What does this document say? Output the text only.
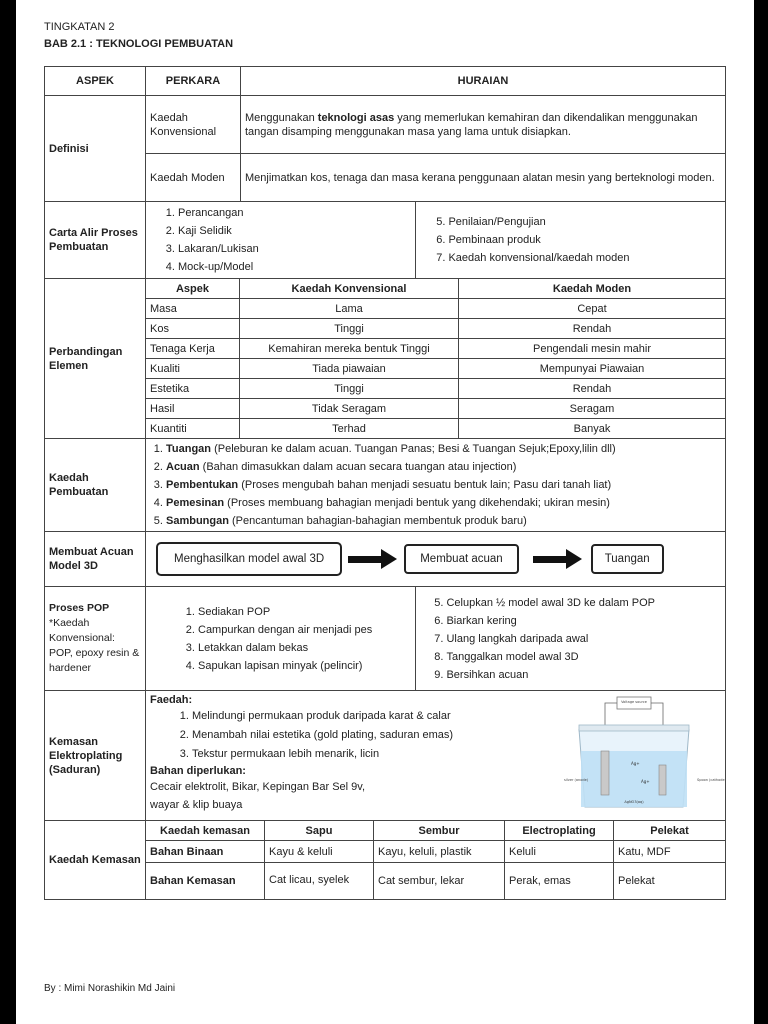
TINGKATAN 2
BAB 2.1 : TEKNOLOGI PEMBUATAN
ASPEK	PERKARA	HURAIAN
Definisi	Kaedah Konvensional	Menggunakan teknologi asas yang memerlukan kemahiran dan dikendalikan menggunakan tangan disamping menggunakan masa yang lama untuk disiapkan.
Kaedah Moden	Menjimatkan kos, tenaga dan masa kerana penggunaan alatan mesin yang berteknologi moden.
Carta Alir Proses Pembuatan	
1. Perancangan
2. Kaji Selidik
3. Lakaran/Lukisan
4. Mock-up/Model

5. Penilaian/Pengujian
6. Pembinaan produk
7. Kaedah konvensional/kaedah moden

Perbandingan Elemen	
Aspek	Kaedah Konvensional	Kaedah Moden
Masa	Lama	Cepat
Kos	Tinggi	Rendah
Tenaga Kerja	Kemahiran mereka bentuk Tinggi	Pengendali mesin mahir
Kualiti	Tiada piawaian	Mempunyai Piawaian
Estetika	Tinggi	Rendah
Hasil	Tidak Seragam	Seragam
Kuantiti	Terhad	Banyak

Kaedah Pembuatan	
1. Tuangan (Peleburan ke dalam acuan. Tuangan Panas; Besi & Tuangan Sejuk;Epoxy,lilin dll)
2. Acuan (Bahan dimasukkan dalam acuan secara tuangan atau injection)
3. Pembentukan (Proses mengubah bahan menjadi sesuatu bentuk lain; Pasu dari tanah liat)
4. Pemesinan (Proses membuang bahagian menjadi bentuk yang dikehendaki; ukiran mesin)
5. Sambungan (Pencantuman bahagian-bahagian membentuk produk baru)

Membuat Acuan Model 3D	
Menghasilkan model awal 3D	Membuat acuan	Tuangan

Proses POP
*Kaedah Konvensional: POP, epoxy resin & hardener	
1. Sediakan POP
2. Campurkan dengan air menjadi pes
3. Letakkan dalam bekas
4. Sapukan lapisan minyak (pelincir)

5. Celupkan ½ model awal 3D ke dalam POP
6. Biarkan kering
7. Ulang langkah daripada awal
8. Tanggalkan model awal 3D
9. Bersihkan acuan

Kemasan Elektroplating (Saduran)	
Faedah:
1. Melindungi permukaan produk daripada karat & calar
2. Menambah nilai estetika (gold plating, saduran emas)
3. Tekstur permukaan lebih menarik, licin
Bahan diperlukan:
Cecair elektrolit, Bikar, Kepingan Bar Sel 9v, wayar & klip buaya
Voltage source
silver (anode)	Spoon (cathode)
Ag+
Ag+
AgNO3(aq)

Kaedah Kemasan	
Kaedah kemasan	Sapu	Sembur	Electroplating	Pelekat
Bahan Binaan	Kayu & keluli	Kayu, keluli, plastik	Keluli	Katu, MDF
Bahan Kemasan	Cat licau, syelek	Cat sembur, lekar	Perak, emas	Pelekat
By : Mimi Norashikin Md Jaini
